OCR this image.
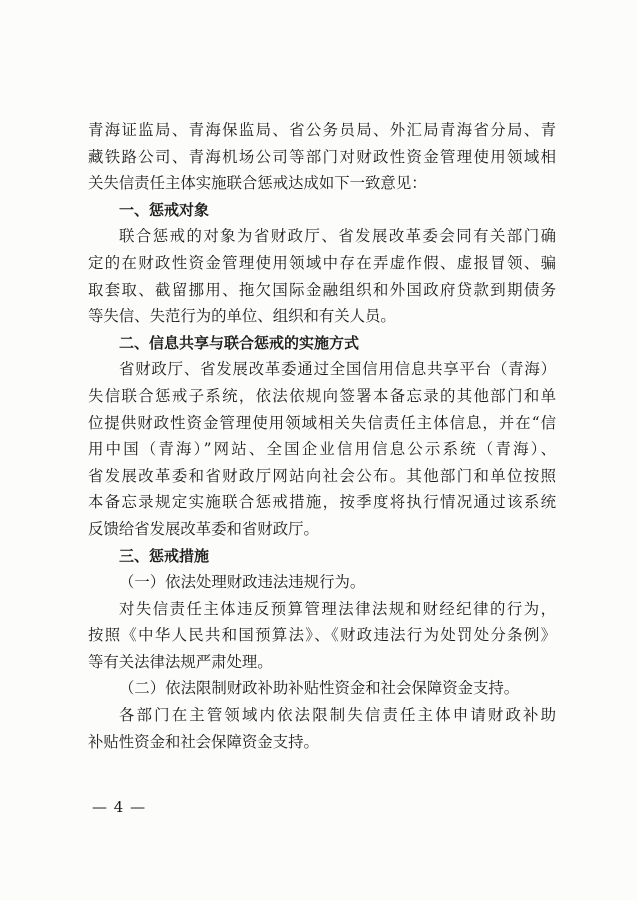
青海证监局、青海保监局、省公务员局、外汇局青海省分局、青
藏铁路公司、青海机场公司等部门对财政性资金管理使用领域相
关失信责任主体实施联合惩戒达成如下一致意见：
一、惩戒对象
联合惩戒的对象为省财政厅、省发展改革委会同有关部门确
定的在财政性资金管理使用领域中存在弄虚作假、虚报冒领、骗
取套取、截留挪用、拖欠国际金融组织和外国政府贷款到期债务
等失信、失范行为的单位、组织和有关人员。
二、信息共享与联合惩戒的实施方式
省财政厅、省发展改革委通过全国信用信息共享平台（青海）
失信联合惩戒子系统，依法依规向签署本备忘录的其他部门和单
位提供财政性资金管理使用领域相关失信责任主体信息，并在“信
用中国（青海）”网站、全国企业信用信息公示系统（青海）、
省发展改革委和省财政厅网站向社会公布。其他部门和单位按照
本备忘录规定实施联合惩戒措施，按季度将执行情况通过该系统
反馈给省发展改革委和省财政厅。
三、惩戒措施
（一）依法处理财政违法违规行为。
对失信责任主体违反预算管理法律法规和财经纪律的行为，
按照《中华人民共和国预算法》、《财政违法行为处罚处分条例》
等有关法律法规严肃处理。
（二）依法限制财政补助补贴性资金和社会保障资金支持。
各部门在主管领域内依法限制失信责任主体申请财政补助
补贴性资金和社会保障资金支持。
— 4 —
